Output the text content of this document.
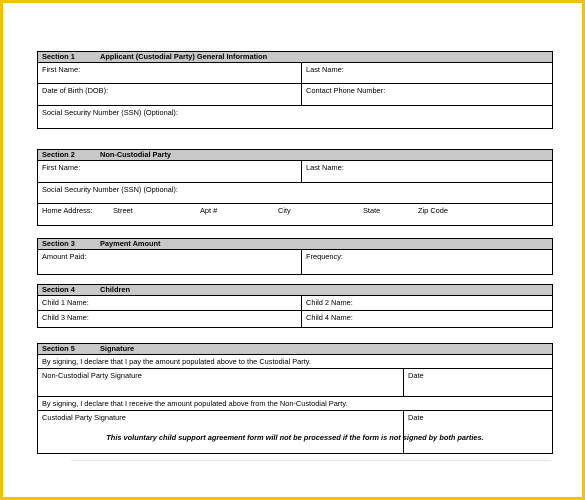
Section 1	Applicant (Custodial Party) General Information
First Name:	Last Name:
Date of Birth (DOB):	Contact Phone Number:
Social Security Number (SSN) (Optional):
Section 2	Non-Custodial Party
First Name:	Last Name:
Social Security Number (SSN) (Optional):
Home Address:	Street	Apt #	City	State	Zip Code
Section 3	Payment Amount
Amount Paid:	Frequency:
Section 4	Children
Child 1 Name:	Child 2 Name:
Child 3 Name:	Child 4 Name:
Section 5	Signature
By signing, I declare that I pay the amount populated above to the Custodial Party.
Non-Custodial Party Signature	Date
By signing, I declare that I receive the amount populated above from the Non-Custodial Party.
Custodial Party Signature	Date
This voluntary child support agreement form will not be processed if the form is not signed by both parties.
